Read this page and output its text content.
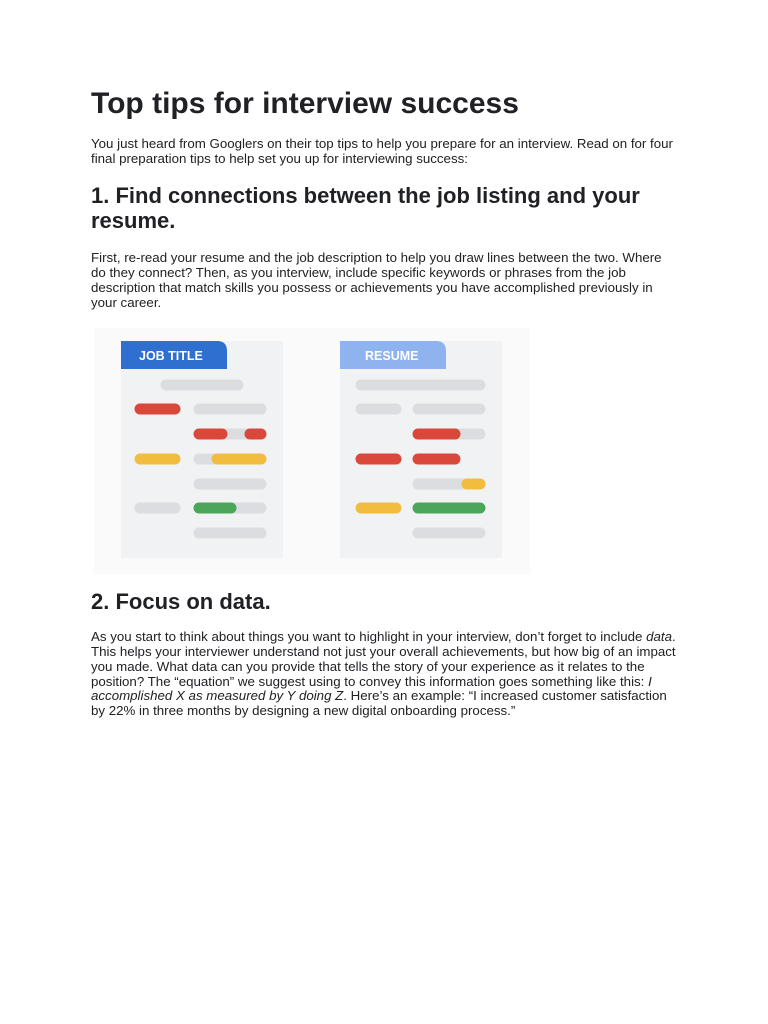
Top tips for interview success

You just heard from Googlers on their top tips to help you prepare for an interview. Read on for four final preparation tips to help set you up for interviewing success:

1. Find connections between the job listing and your resume.

First, re-read your resume and the job description to help you draw lines between the two. Where do they connect? Then, as you interview, include specific keywords or phrases from the job description that match skills you possess or achievements you have accomplished previously in your career.

JOB TITLE	RESUME
2. Focus on data.

As you start to think about things you want to highlight in your interview, don’t forget to include data. This helps your interviewer understand not just your overall achievements, but how big of an impact you made. What data can you provide that tells the story of your experience as it relates to the position? The “equation” we suggest using to convey this information goes something like this: I accomplished X as measured by Y doing Z. Here’s an example: “I increased customer satisfaction by 22% in three months by designing a new digital onboarding process.”
